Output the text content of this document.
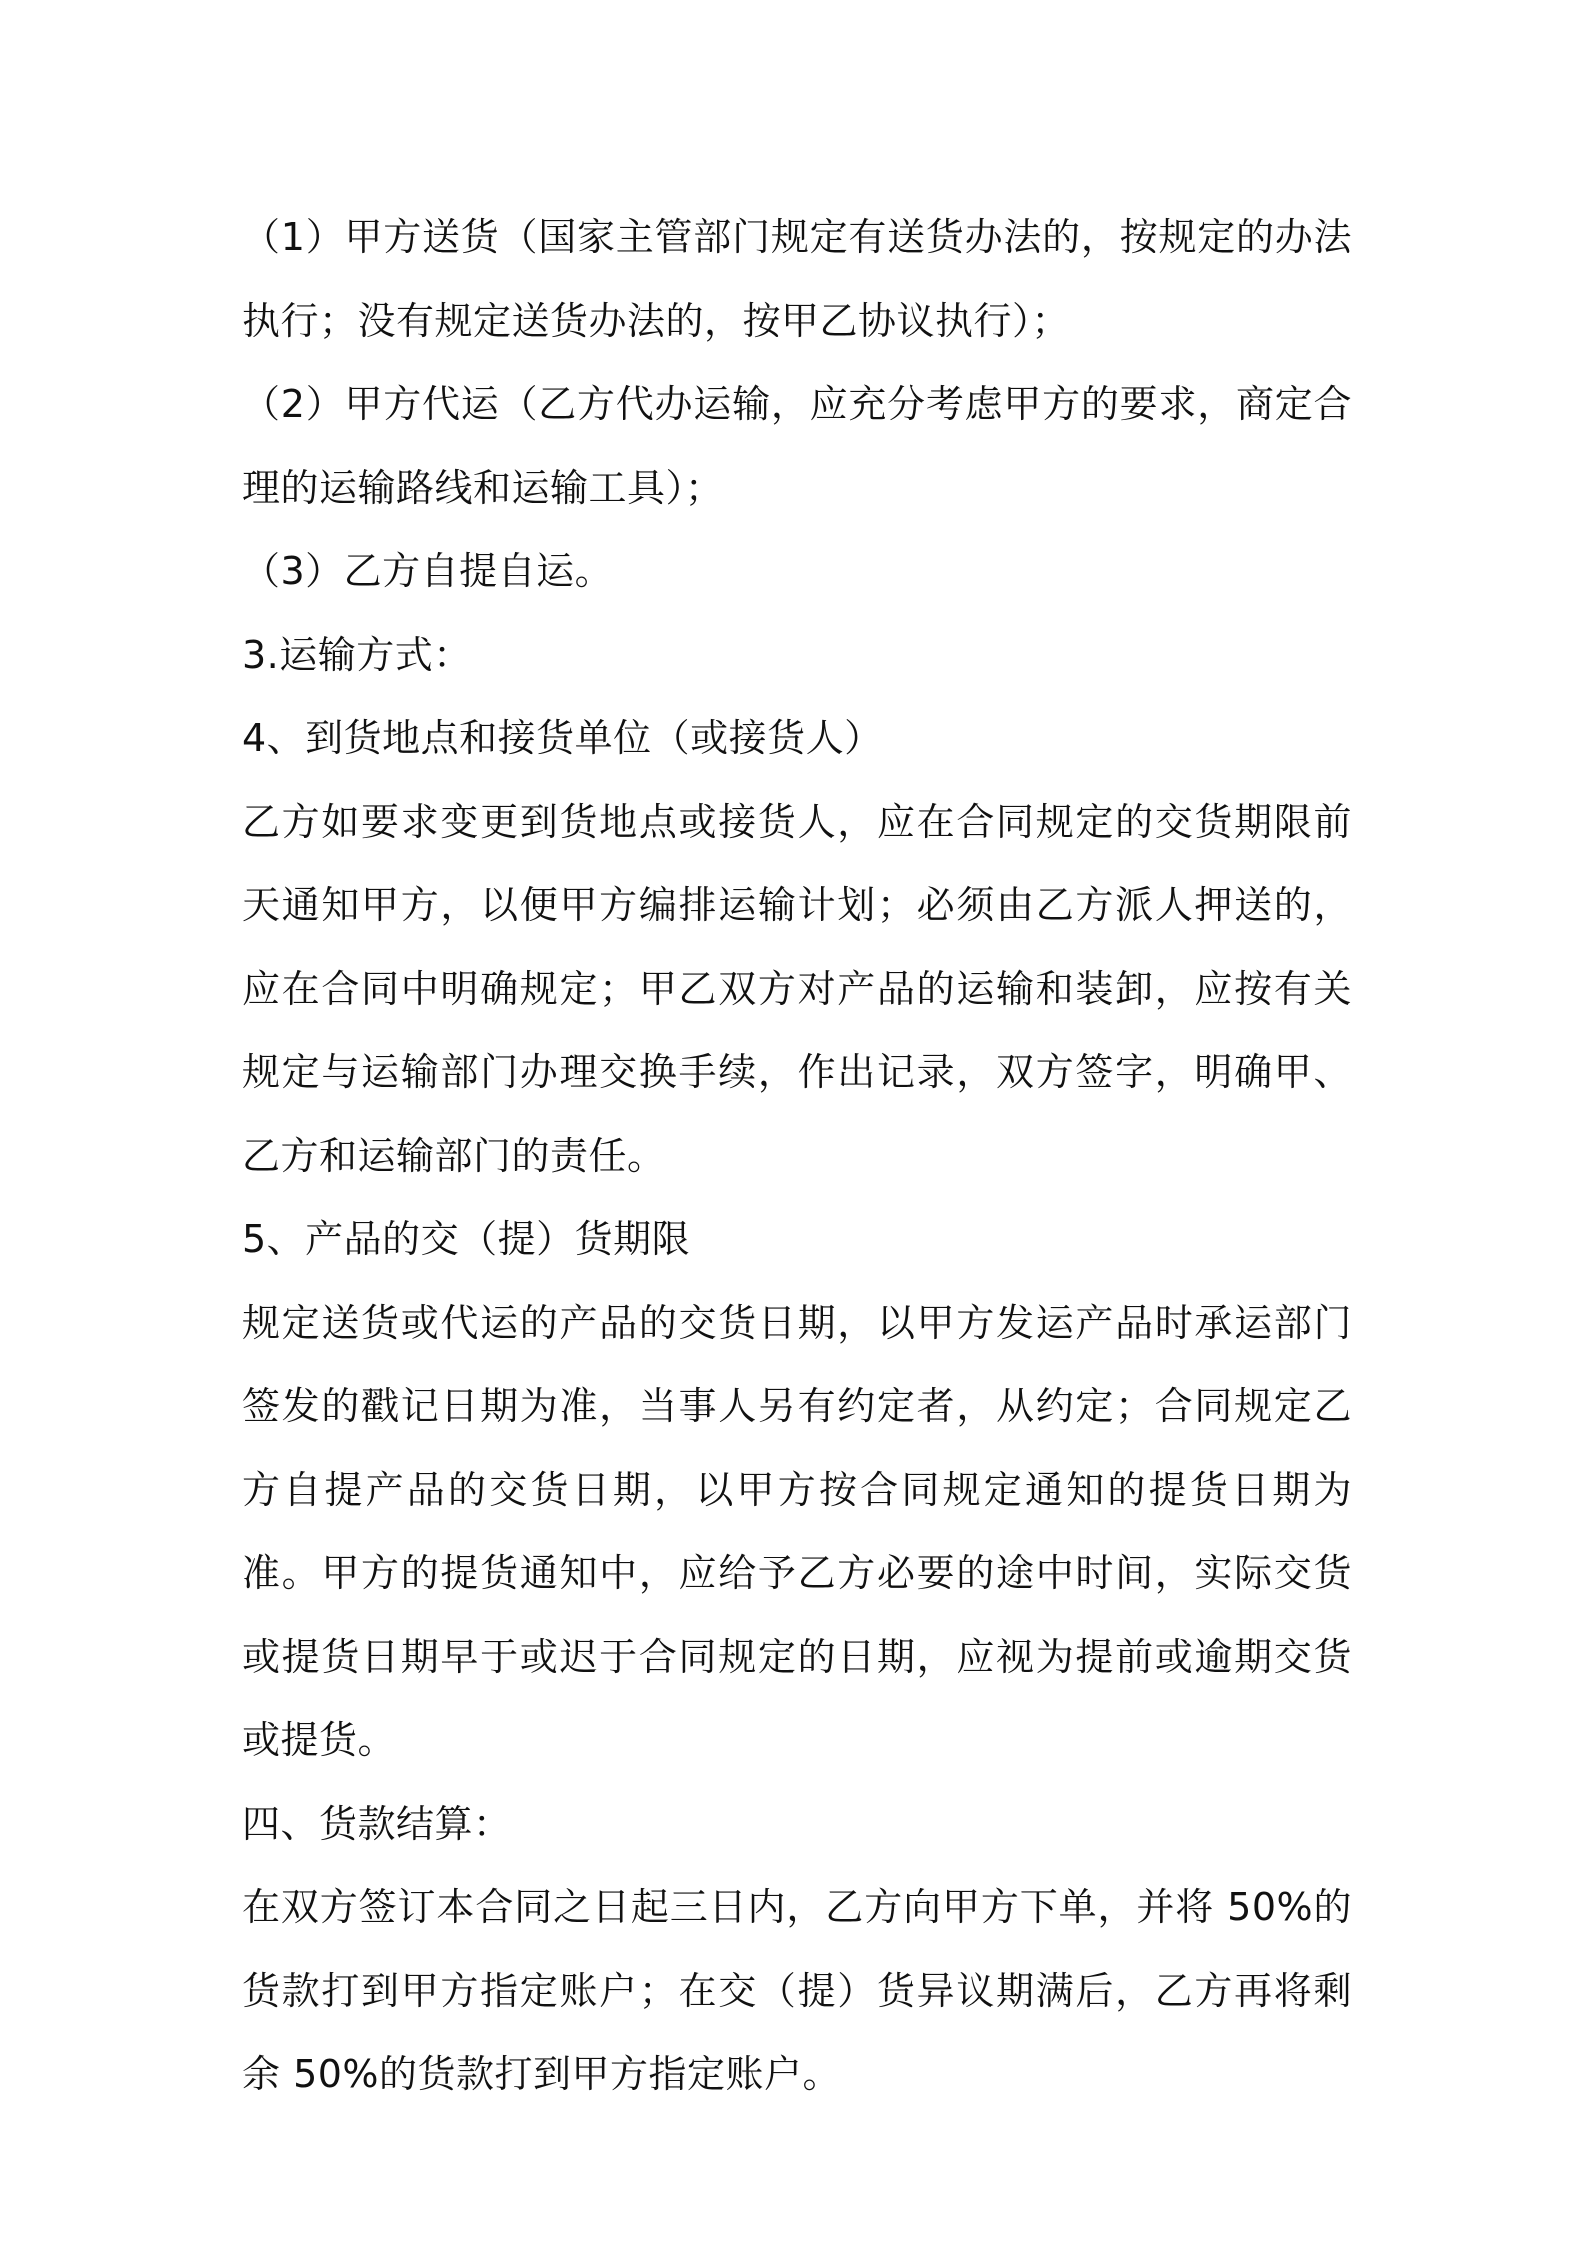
（1）甲方送货（国家主管部门规定有送货办法的，按规定的办法执行；没有规定送货办法的，按甲乙协议执行）；

（2）甲方代运（乙方代办运输，应充分考虑甲方的要求，商定合理的运输路线和运输工具）；

（3）乙方自提自运。

3.运输方式：

4、到货地点和接货单位（或接货人）

乙方如要求变更到货地点或接货人，应在合同规定的交货期限前天通知甲方，以便甲方编排运输计划；必须由乙方派人押送的，应在合同中明确规定；甲乙双方对产品的运输和装卸，应按有关规定与运输部门办理交换手续，作出记录，双方签字，明确甲、乙方和运输部门的责任。

5、产品的交（提）货期限

规定送货或代运的产品的交货日期，以甲方发运产品时承运部门签发的戳记日期为准，当事人另有约定者，从约定；合同规定乙方自提产品的交货日期，以甲方按合同规定通知的提货日期为准。甲方的提货通知中，应给予乙方必要的途中时间，实际交货或提货日期早于或迟于合同规定的日期，应视为提前或逾期交货或提货。

四、货款结算：

在双方签订本合同之日起三日内，乙方向甲方下单，并将 50%的货款打到甲方指定账户；在交（提）货异议期满后，乙方再将剩余 50%的货款打到甲方指定账户。
